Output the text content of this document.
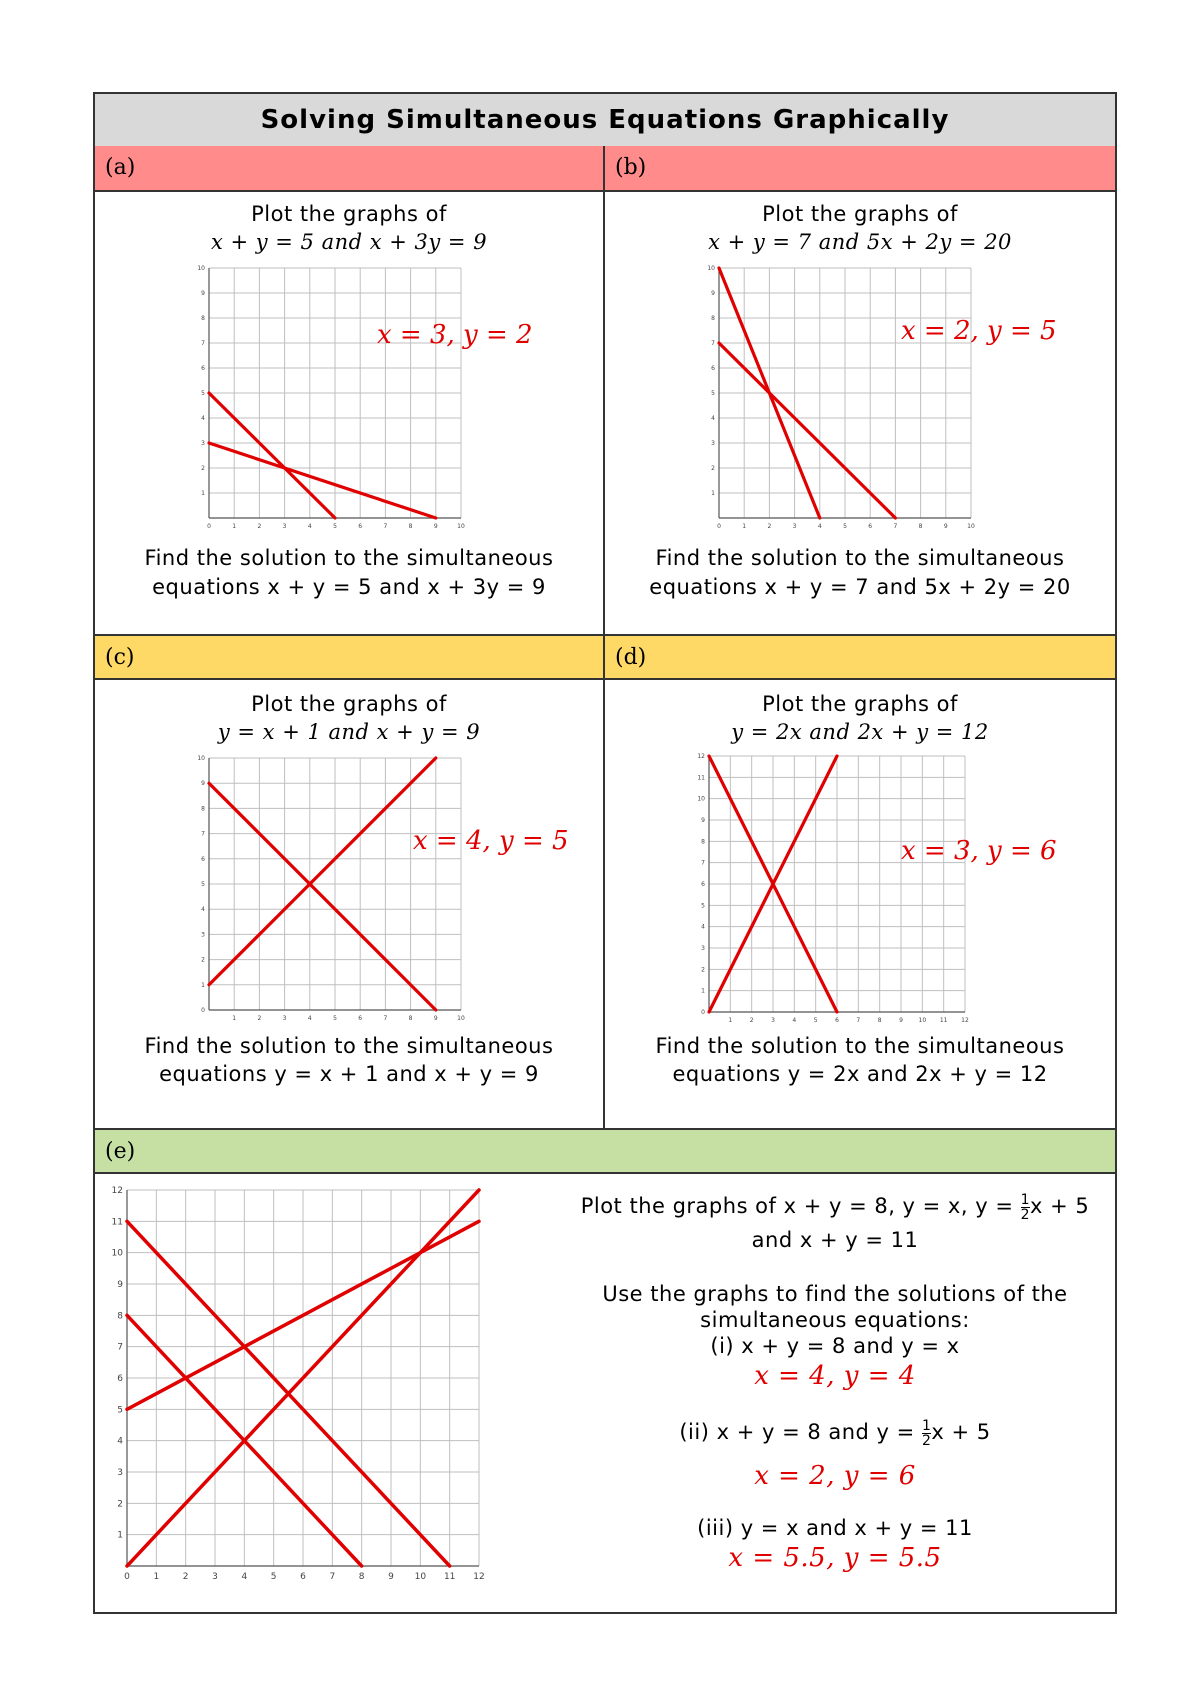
Solving Simultaneous Equations Graphically
(a)	(b)
(c)	(d)
(e)
Plot the graphs of
x + y = 5 and x + 3y = 9
0	1	2	3	4	5	6	7	8	9	10
1
2
3
4
5
6
7
8
9
10
x = 3, y = 2
Find the solution to the simultaneous
equations x + y = 5 and x + 3y = 9
Plot the graphs of
x + y = 7 and 5x + 2y = 20
0	1	2	3	4	5	6	7	8	9	10
1
2
3
4
5
6
7
8
9
10
x = 2, y = 5
Find the solution to the simultaneous
equations x + y = 7 and 5x + 2y = 20
Plot the graphs of
y = x + 1 and x + y = 9
1	2	3	4	5	6	7	8	9	10
0
1
2
3
4
5
6
7
8
9
10
x = 4, y = 5
Find the solution to the simultaneous
equations y = x + 1 and x + y = 9
Plot the graphs of
y = 2x and 2x + y = 12
1	2	3	4	5	6	7	8	9	10 11 12
0
1
2
3
4
5
6
7
8
9
10
11
12
x = 3, y = 6
Find the solution to the simultaneous
equations y = 2x and 2x + y = 12
0	1	2	3	4	5	6	7	8	9 10 11 12
1
2
3
4
5
6
7
8
9
10
11
12
Plot the graphs of x + y = 8, y = x, $y = \frac{1}{2}$ x + 5
and x + y = 11
Use the graphs to find the solutions of the
simultaneous equations:
(i) x + y = 8 and y = x
x = 4, y = 4
(ii) x + y = 8 and $y = \frac{1}{2}$ x + 5
x = 2, y = 6
(iii) y = x and x + y = 11
x = 5.5, y = 5.5
